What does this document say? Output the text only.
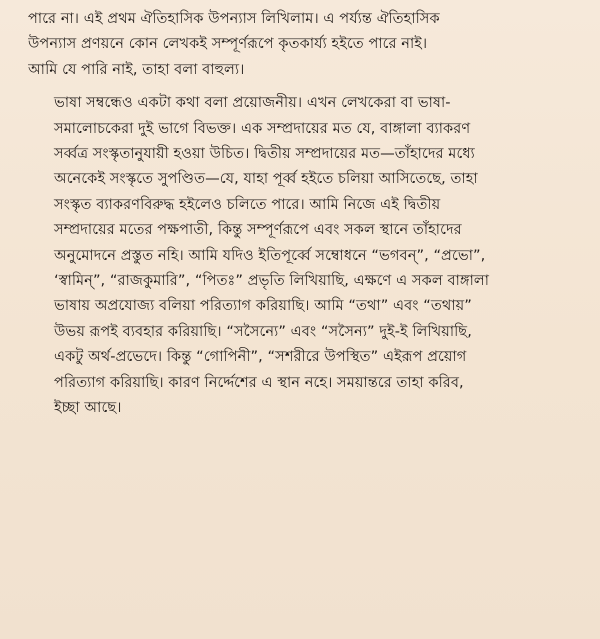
পারে না। এই প্রথম ঐতিহাসিক উপন্যাস লিখিলাম। এ পর্য্যন্ত ঐতিহাসিক
উপন্যাস প্রণয়নে কোন লেখকই সম্পূর্ণরূপে কৃতকার্য্য হইতে পারে নাই।
আমি যে পারি নাই, তাহা বলা বাহুল্য।

ভাষা সম্বন্ধেও একটা কথা বলা প্রয়োজনীয়। এখন লেখকেরা বা ভাষা-
সমালোচকেরা দুই ভাগে বিভক্ত। এক সম্প্রদায়ের মত যে, বাঙ্গালা ব্যাকরণ
সর্ব্বত্র সংস্কৃতানুযায়ী হওয়া উচিত। দ্বিতীয় সম্প্রদায়ের মত—তাঁহাদের মধ্যে
অনেকেই সংস্কৃতে সুপণ্ডিত—যে, যাহা পূর্ব্ব হইতে চলিয়া আসিতেছে, তাহা
সংস্কৃত ব্যাকরণবিরুদ্ধ হইলেও চলিতে পারে। আমি নিজে এই দ্বিতীয়
সম্প্রদায়ের মতের পক্ষপাতী, কিন্তু সম্পূর্ণরূপে এবং সকল স্থানে তাঁহাদের
অনুমোদনে প্রস্তুত নহি। আমি যদিও ইতিপূর্ব্বে সম্বোধনে “ভগবন্”, “প্রভো”,
‘স্বামিন্”, “রাজকুমারি”, “পিতঃ” প্রভৃতি লিখিয়াছি, এক্ষণে এ সকল বাঙ্গালা
ভাষায় অপ্রযোজ্য বলিয়া পরিত্যাগ করিয়াছি। আমি “তথা” এবং “তথায়”
উভয় রূপই ব্যবহার করিয়াছি। “সসৈন্যে” এবং “সসৈন্য” দুই-ই লিখিয়াছি,
একটু অর্থ-প্রভেদে। কিন্তু “গোপিনী”, “সশরীরে উপস্থিত” এইরূপ প্রয়োগ
পরিত্যাগ করিয়াছি। কারণ নির্দ্দেশের এ স্থান নহে। সময়ান্তরে তাহা করিব,
ইচ্ছা আছে।
